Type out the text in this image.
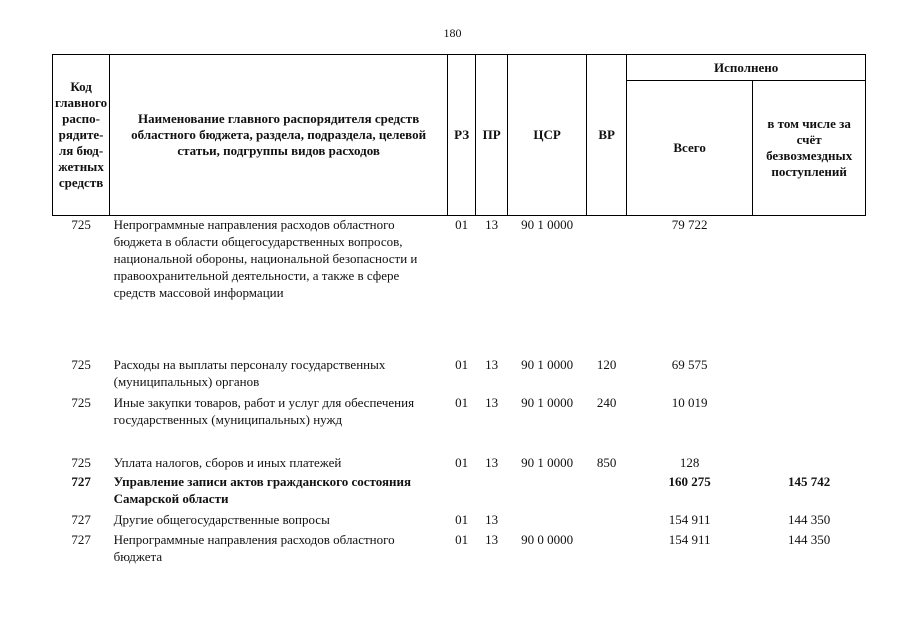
180
Код главного распо-рядите-ля бюд-жетных средств	Наименование главного распорядителя средств областного бюджета, раздела, подраздела, целевой статьи, подгруппы видов расходов	РЗ	ПР	ЦСР	ВР	Исполнено	
						Всего	в том числе за счёт безвозмездных поступлений
725	Непрограммные направления расходов областного бюджета в области общегосударственных вопросов, национальной обороны, национальной безопасности и правоохранительной деятельности, а также в сфере средств массовой информации	01	13	90 1 0000		79 722	
725	Расходы на выплаты персоналу государственных (муниципальных) органов	01	13	90 1 0000	120	69 575	
725	Иные закупки товаров, работ и услуг для обеспечения государственных (муниципальных) нужд	01	13	90 1 0000	240	10 019	
725	Уплата налогов, сборов и иных платежей	01	13	90 1 0000	850	128	
727	Управление записи актов гражданского состояния Самарской области					160 275	145 742
727	Другие общегосударственные вопросы	01	13			154 911	144 350
727	Непрограммные направления расходов областного бюджета	01	13	90 0 0000		154 911	144 350
